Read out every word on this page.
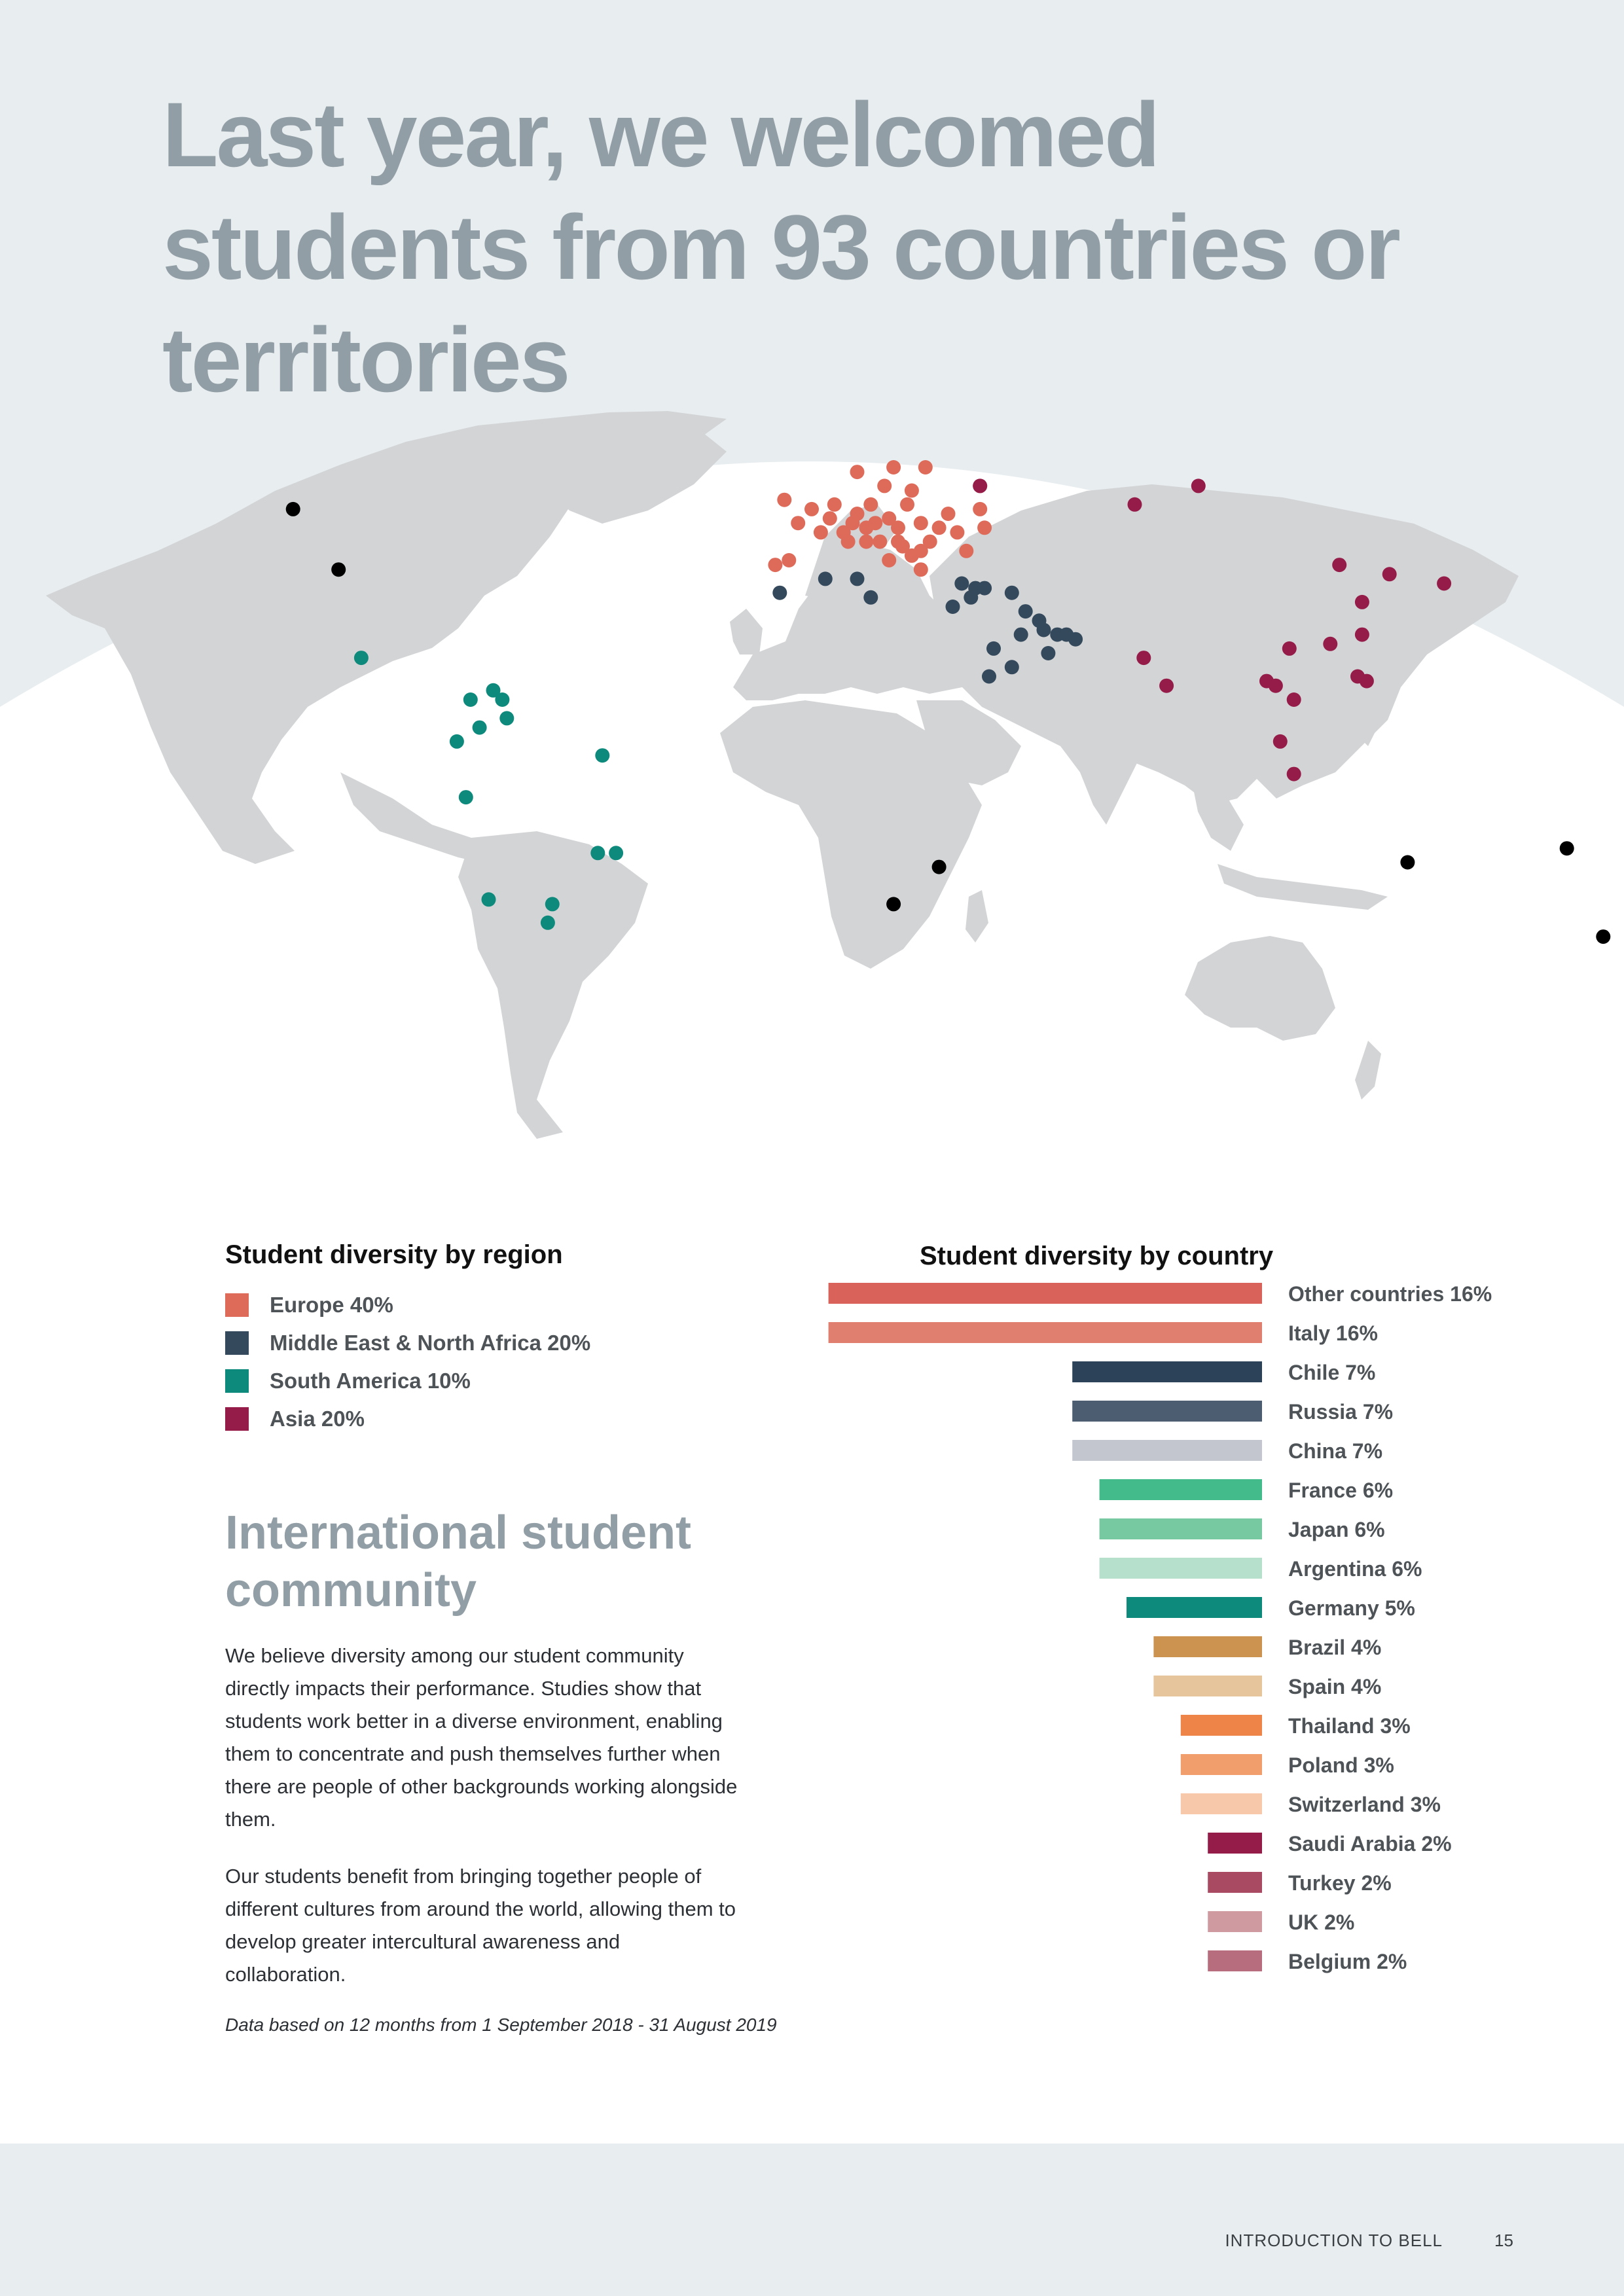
Last year, we welcomed students from 93 countries or territories
Student diversity by region
Europe 40%
Middle East & North Africa 20%
South America 10%
Asia 20%
International student community

We believe diversity among our student community directly impacts their performance. Studies show that students work better in a diverse environment, enabling them to concentrate and push themselves further when there are people of other backgrounds working alongside them.

Our students benefit from bringing together people of different cultures from around the world, allowing them to develop greater intercultural awareness and collaboration.

Data based on 12 months from 1 September 2018 - 31 August 2019

Student diversity by country
Other countries 16%
Italy 16%
Chile 7%
Russia 7%
China 7%
France 6%
Japan 6%
Argentina 6%
Germany 5%
Brazil 4%
Spain 4%
Thailand 3%
Poland 3%
Switzerland 3%
Saudi Arabia 2%
Turkey 2%
UK 2%
Belgium 2%
INTRODUCTION TO BELL	15
